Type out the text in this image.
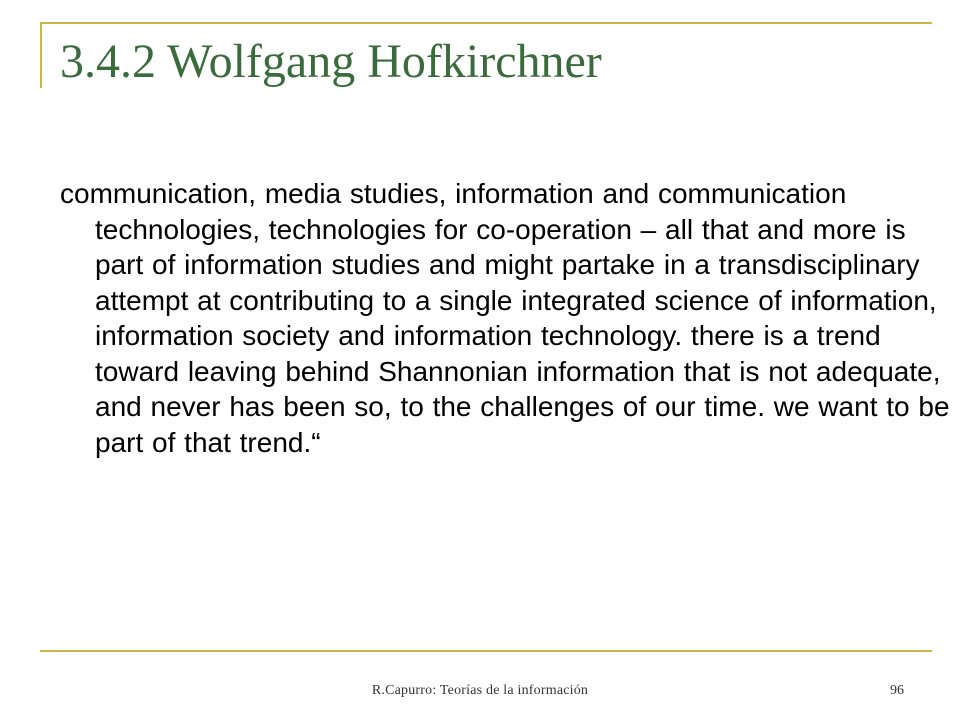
3.4.2 Wolfgang Hofkirchner

communication, media studies, information and communication technologies, technologies for co-operation – all that and more is part of information studies and might partake in a transdisciplinary attempt at contributing to a single integrated science of information, information society and information technology. there is a trend toward leaving behind Shannonian information that is not adequate, and never has been so, to the challenges of our time. we want to be part of that trend.“

R.Capurro: Teorías de la información	96
